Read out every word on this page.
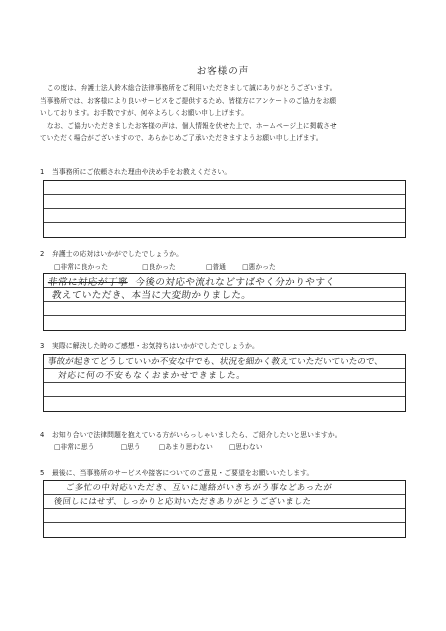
お客様の声

この度は、弁護士法人鈴木総合法律事務所をご利用いただきまして誠にありがとうございます。

当事務所では、お客様により良いサービスをご提供するため、皆様方にアンケートのご協力をお願

いしております。お手数ですが、何卒よろしくお願い申し上げます。

なお、ご協力いただきましたお客様の声は、個人情報を伏せた上で、ホームページ上に掲載させ

ていただく場合がございますので、あらかじめご了承いただきますようお願い申し上げます。

1 当事務所にご依頼された理由や決め手をお教えください。
2 弁護士の応対はいかがでしたでしょうか。
□非常に良かった	□良かった	□普通 □悪かった
非常に対応が丁寧 今後の対応や流れなどすばやく分かりやすく
教えていただき、本当に大変助かりました。
3 実際に解決した時のご感想・お気持ちはいかがでしたでしょうか。
事故が起きてどうしていいか不安な中でも、状況を細かく教えていただいていたので、
対応に何の不安もなくおまかせできました。
4 お知り合いで法律問題を抱えている方がいらっしゃいましたら、ご紹介したいと思いますか。
□非常に思う	□思う	□あまり思わない □思わない
5 最後に、当事務所のサービスや接客についてのご意見・ご要望をお願いいたします。
ご多忙の中対応いただき、互いに連絡がいきちがう事などあったが
後回しにはせず、しっかりと応対いただきありがとうございました
